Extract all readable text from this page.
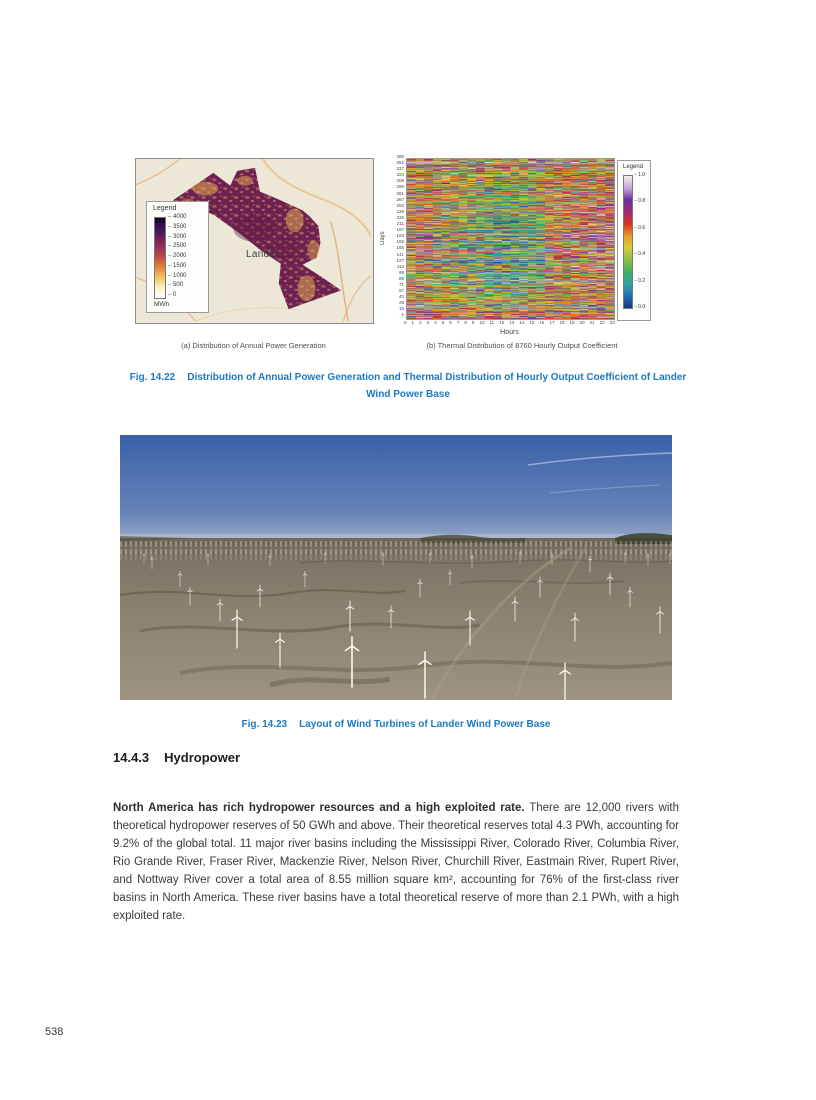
Lander
Legend
– 4000
– 3500
– 3000
– 2500
– 2000
– 1500
– 1000
– 500
– 0
MWh
Days
365
351
337
323
309
295
281
267
253
239
225
211
197
183
169
155
141
127
113
99
85
71
57
43
29
15
1
0 1 2 3 4 5 6 7 8 9 10 11 12 13 14 15 16 17 18 19 20 21 22 23
Hours
Legend
– 1.0
– 0.8
– 0.6
– 0.4
– 0.2
– 0.0
(a) Distribution of Annual Power Generation	(b) Thermal Distribution of 8760 Hourly Output Coefficient
Fig. 14.22 Distribution of Annual Power Generation and Thermal Distribution of Hourly Output Coefficient of Lander Wind Power Base
Fig. 14.23 Layout of Wind Turbines of Lander Wind Power Base
14.4.3 Hydropower

North America has rich hydropower resources and a high exploited rate. There are 12,000 rivers with theoretical hydropower reserves of 50 GWh and above. Their theoretical reserves total 4.3 PWh, accounting for 9.2% of the global total. 11 major river basins including the Mississippi River, Colorado River, Columbia River, Rio Grande River, Fraser River, Mackenzie River, Nelson River, Churchill River, Eastmain River, Rupert River, and Nottway River cover a total area of 8.55 million square km², accounting for 76% of the first-class river basins in North America. These river basins have a total theoretical reserve of more than 2.1 PWh, with a high exploited rate.

538
